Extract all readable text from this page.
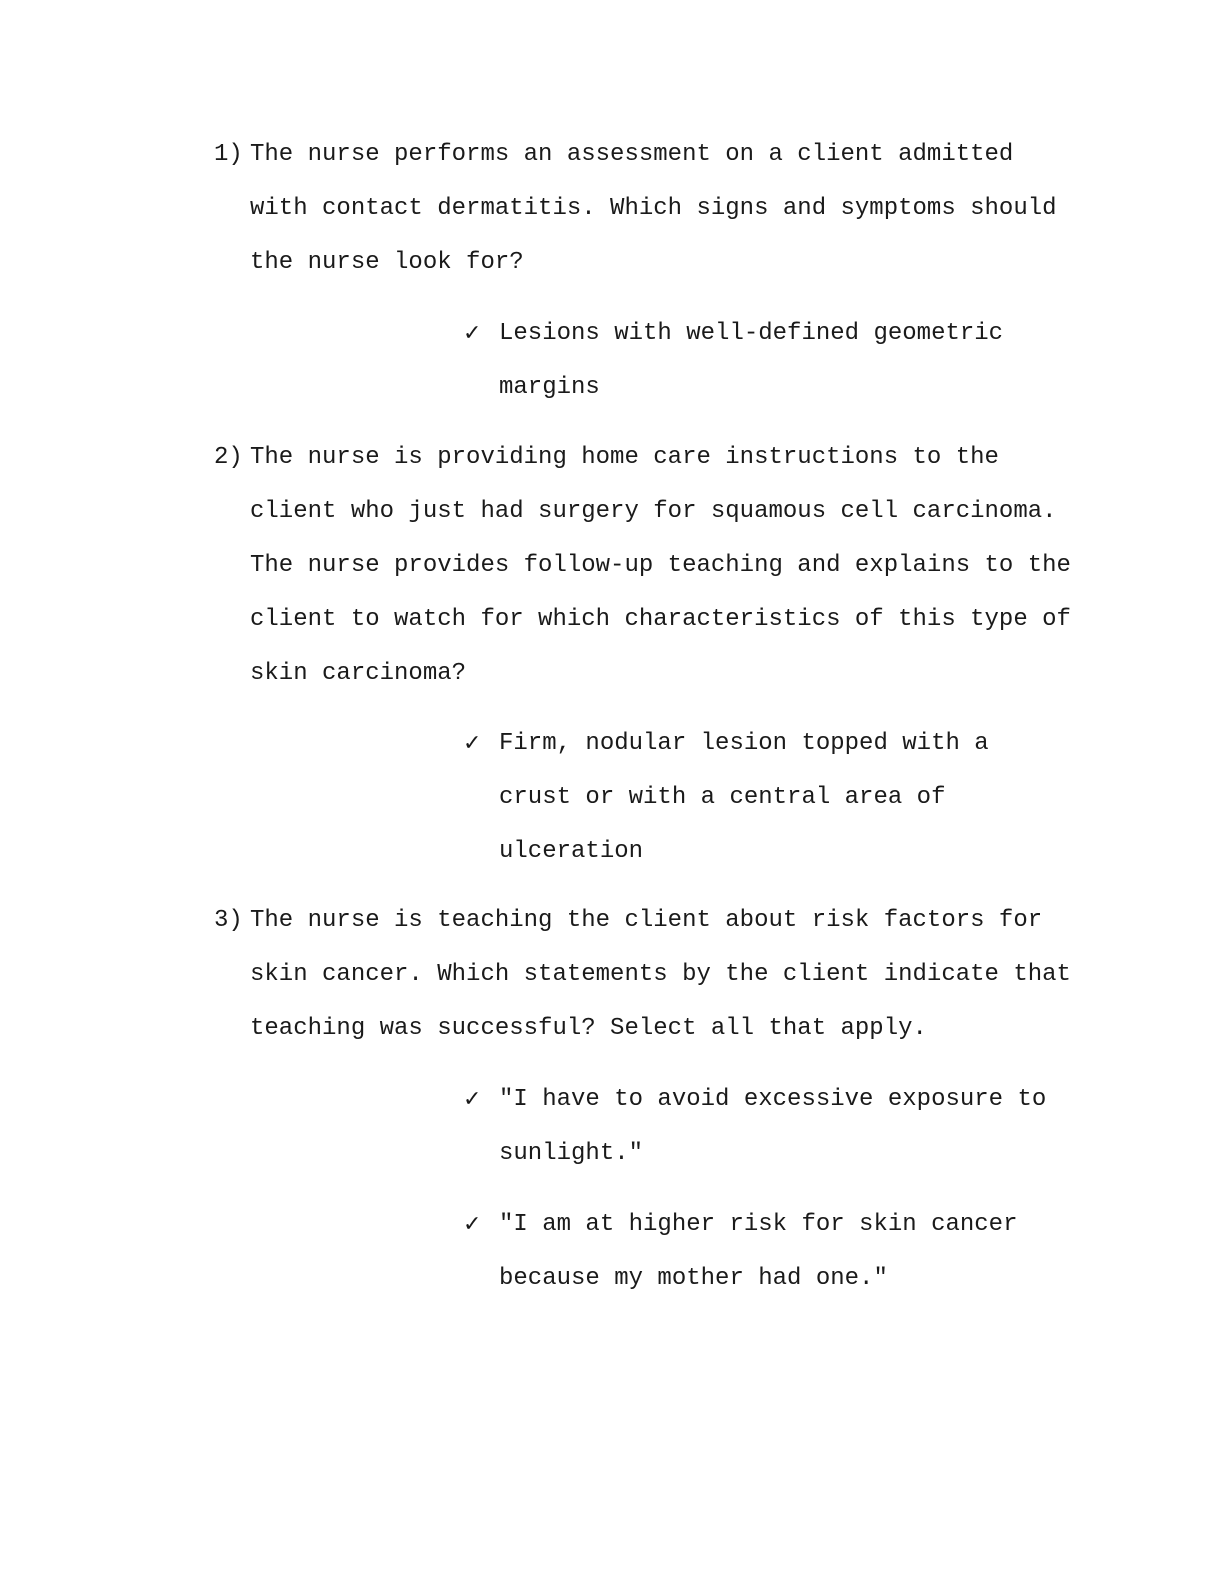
1) The nurse performs an assessment on a client admitted
with contact dermatitis. Which signs and symptoms should
the nurse look for?
✓ Lesions with well-defined geometric
margins
2) The nurse is providing home care instructions to the
client who just had surgery for squamous cell carcinoma.
The nurse provides follow-up teaching and explains to the
client to watch for which characteristics of this type of
skin carcinoma?
✓ Firm, nodular lesion topped with a
crust or with a central area of
ulceration
3) The nurse is teaching the client about risk factors for
skin cancer. Which statements by the client indicate that
teaching was successful? Select all that apply.
✓ "I have to avoid excessive exposure to
sunlight."
✓ "I am at higher risk for skin cancer
because my mother had one."
